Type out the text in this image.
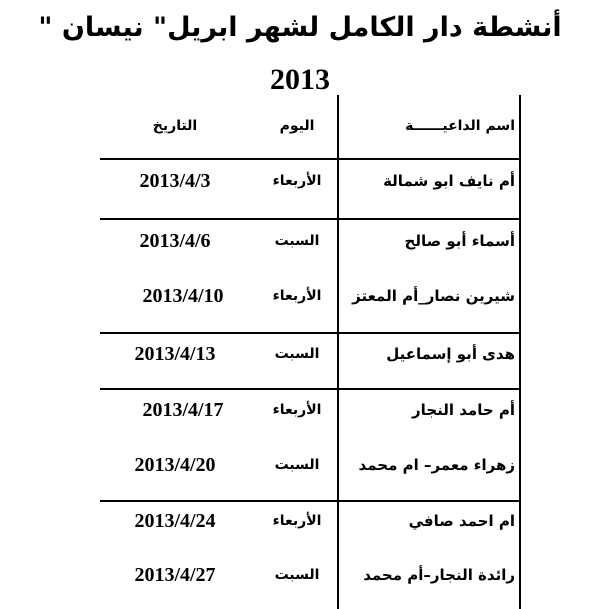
أنشطة دار الكامل لشهر ابريل" نيسان "
2013
اسم الداعيــــــة
اليوم
التاريخ
أم نايف ابو شمالة
الأربعاء
2013/4/3
أسماء أبو صالح
السبت
2013/4/6
شيرين نصار_أم المعتز
الأربعاء
2013/4/10
هدى أبو إسماعيل
السبت
2013/4/13
أم حامد النجار
الأربعاء
2013/4/17
زهراء معمر– ام محمد
السبت
2013/4/20
ام احمد صافي
الأربعاء
2013/4/24
رائدة النجار–أم محمد
السبت
2013/4/27
